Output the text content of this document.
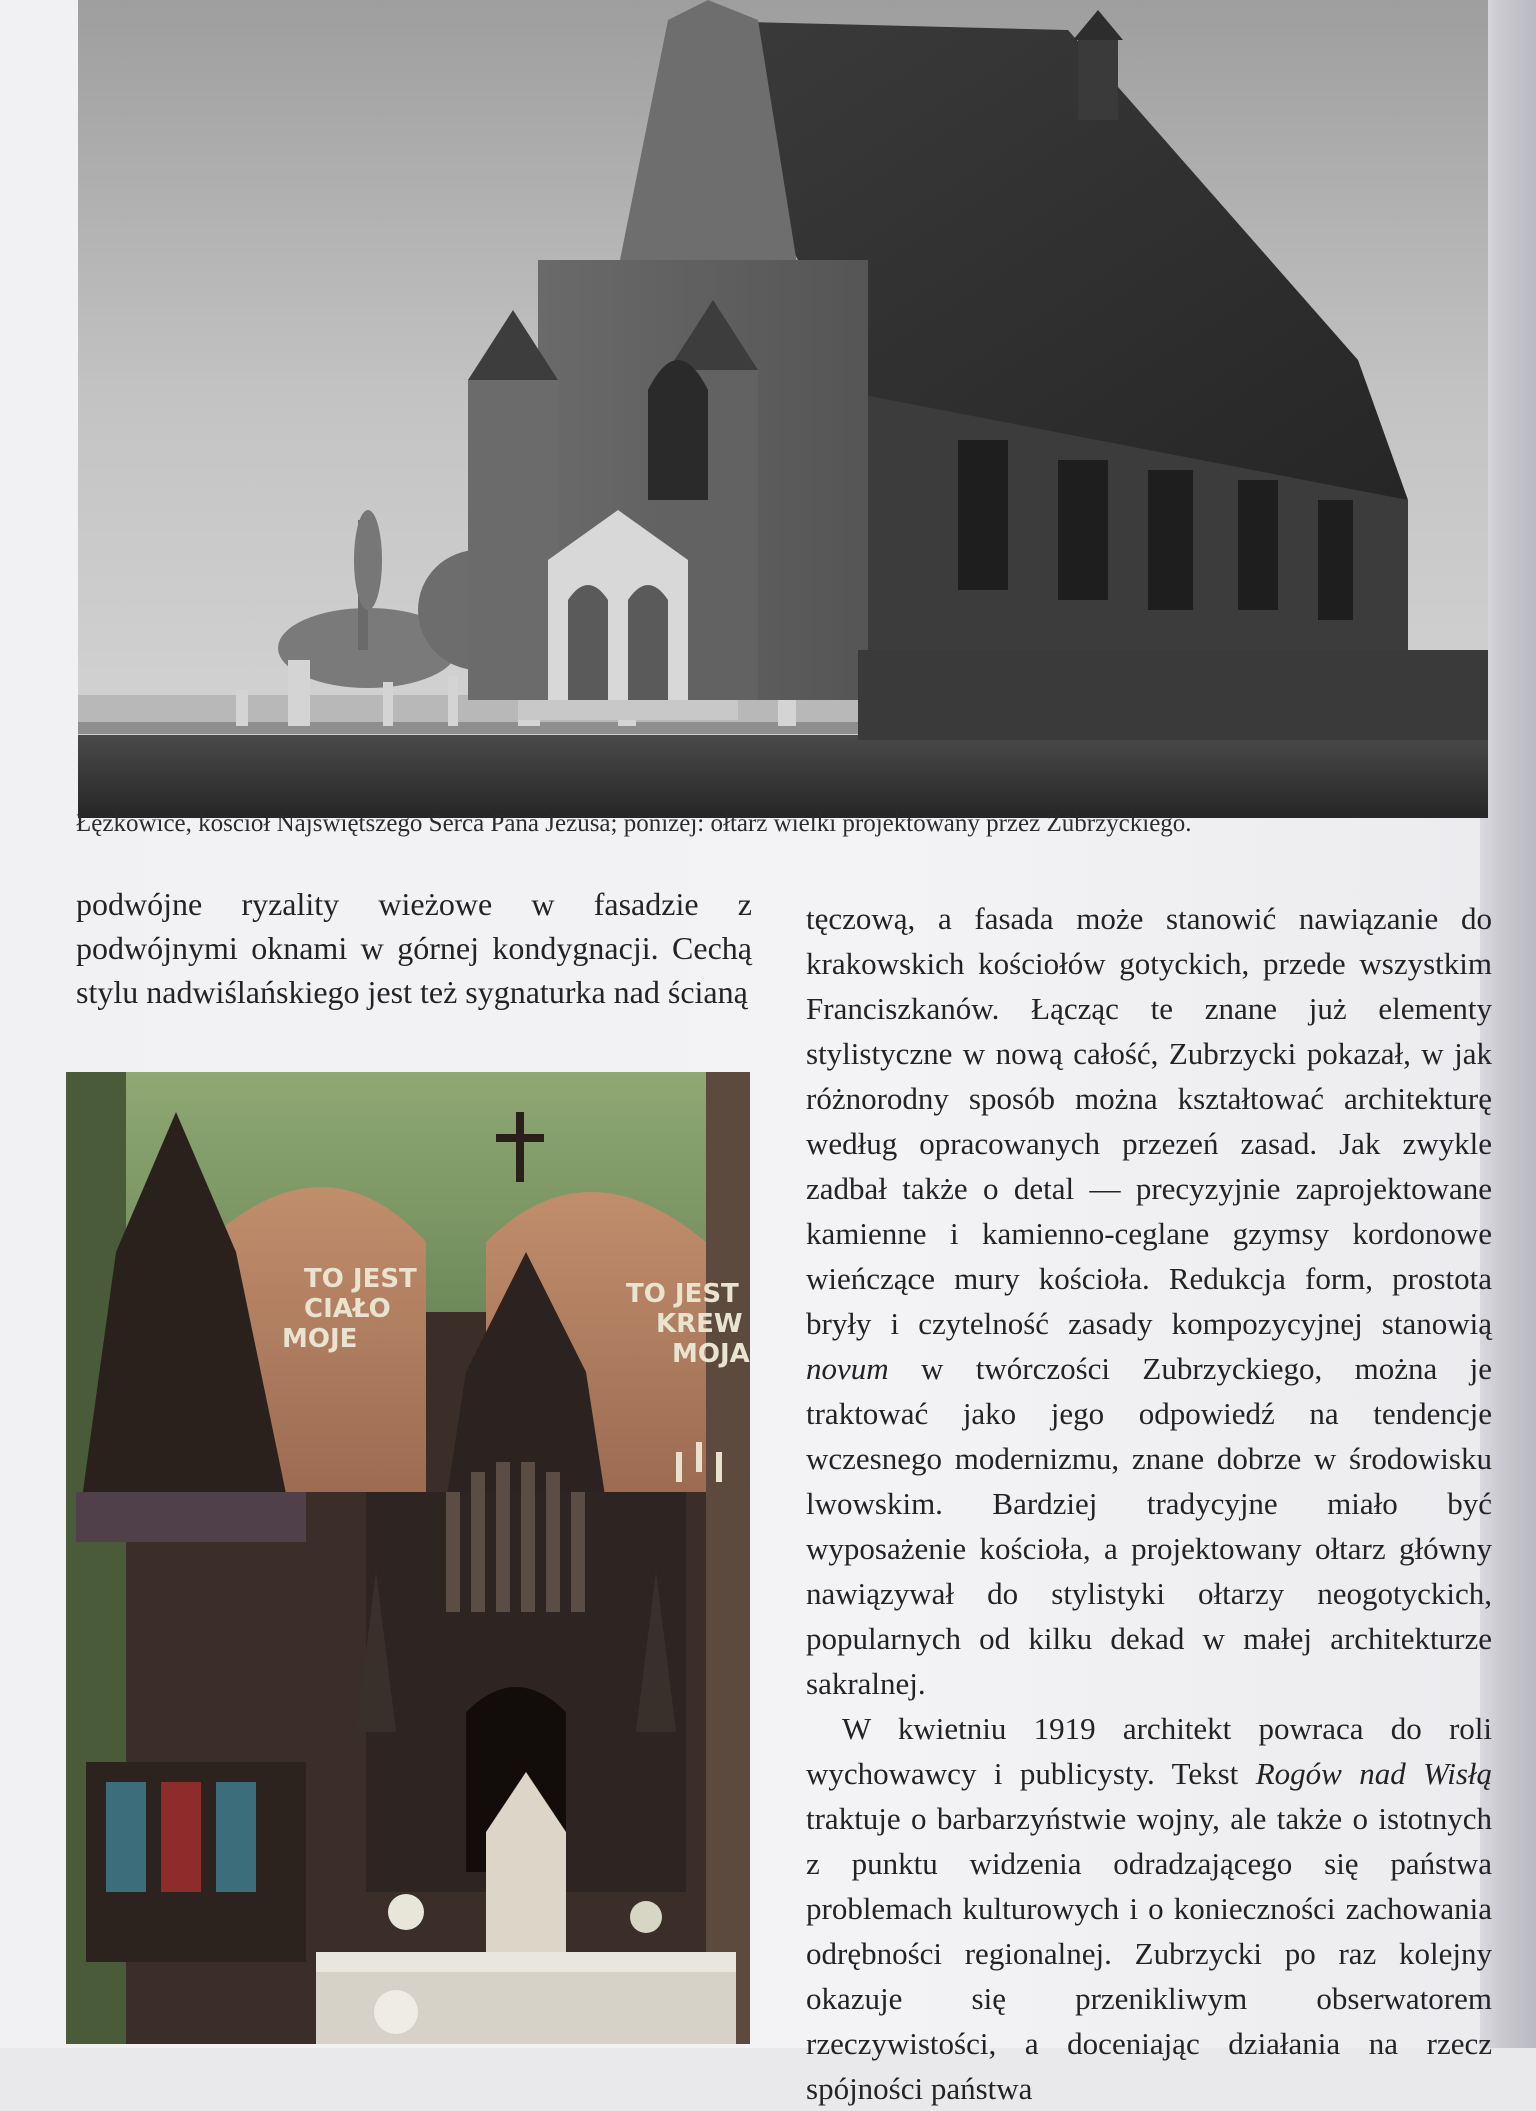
Łężkowice, kościół Najświętszego Serca Pana Jezusa; poniżej: ołtarz wielki projektowany przez Zubrzyckiego.

podwójne ryzality wieżowe w fasadzie z podwójnymi oknami w górnej kondygnacji. Cechą stylu nadwiślańskiego jest też sygnaturka nad ścianą

TO JEST
CIAŁO
MOJE
TO JEST
KREW
MOJA

tęczową, a fasada może stanowić nawiązanie do krakowskich kościołów gotyckich, przede wszystkim Franciszkanów. Łącząc te znane już elementy stylistyczne w nową całość, Zubrzycki pokazał, w jak różnorodny sposób można kształtować architekturę według opracowanych przezeń zasad. Jak zwykle zadbał także o detal — precyzyjnie zaprojektowane kamienne i kamienno-ceglane gzymsy kordonowe wieńczące mury kościoła. Redukcja form, prostota bryły i czytelność zasady kompozycyjnej stanowią novum w twórczości Zubrzyckiego, można je traktować jako jego odpowiedź na tendencje wczesnego modernizmu, znane dobrze w środowisku lwowskim. Bardziej tradycyjne miało być wyposażenie kościoła, a projektowany ołtarz główny nawiązywał do stylistyki ołtarzy neogotyckich, popularnych od kilku dekad w małej architekturze sakralnej.

W kwietniu 1919 architekt powraca do roli wychowawcy i publicysty. Tekst Rogów nad Wisłą traktuje o barbarzyństwie wojny, ale także o istotnych z punktu widzenia odradzającego się państwa problemach kulturowych i o konieczności zachowania odrębności regionalnej. Zubrzycki po raz kolejny okazuje się przenikliwym obserwatorem rzeczywistości, a doceniając działania na rzecz spójności państwa
